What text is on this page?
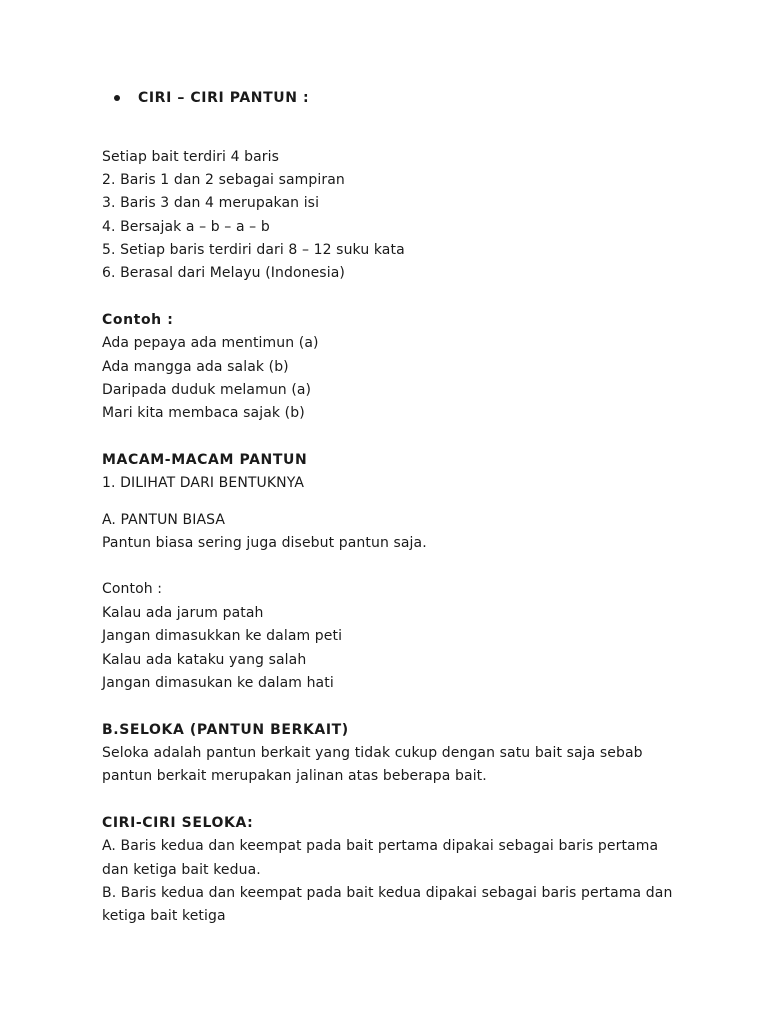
CIRI – CIRI PANTUN :
Setiap bait terdiri 4 baris
2. Baris 1 dan 2 sebagai sampiran
3. Baris 3 dan 4 merupakan isi
4. Bersajak a – b – a – b
5. Setiap baris terdiri dari 8 – 12 suku kata
6. Berasal dari Melayu (Indonesia)
Contoh :
Ada pepaya ada mentimun (a)
Ada mangga ada salak (b)
Daripada duduk melamun (a)
Mari kita membaca sajak (b)
MACAM-MACAM PANTUN
1. DILIHAT DARI BENTUKNYA
A. PANTUN BIASA
Pantun biasa sering juga disebut pantun saja.
Contoh :
Kalau ada jarum patah
Jangan dimasukkan ke dalam peti
Kalau ada kataku yang salah
Jangan dimasukan ke dalam hati
B.SELOKA (PANTUN BERKAIT)
Seloka adalah pantun berkait yang tidak cukup dengan satu bait saja sebab
pantun berkait merupakan jalinan atas beberapa bait.
CIRI-CIRI SELOKA:
A. Baris kedua dan keempat pada bait pertama dipakai sebagai baris pertama
dan ketiga bait kedua.
B. Baris kedua dan keempat pada bait kedua dipakai sebagai baris pertama dan
ketiga bait ketiga
